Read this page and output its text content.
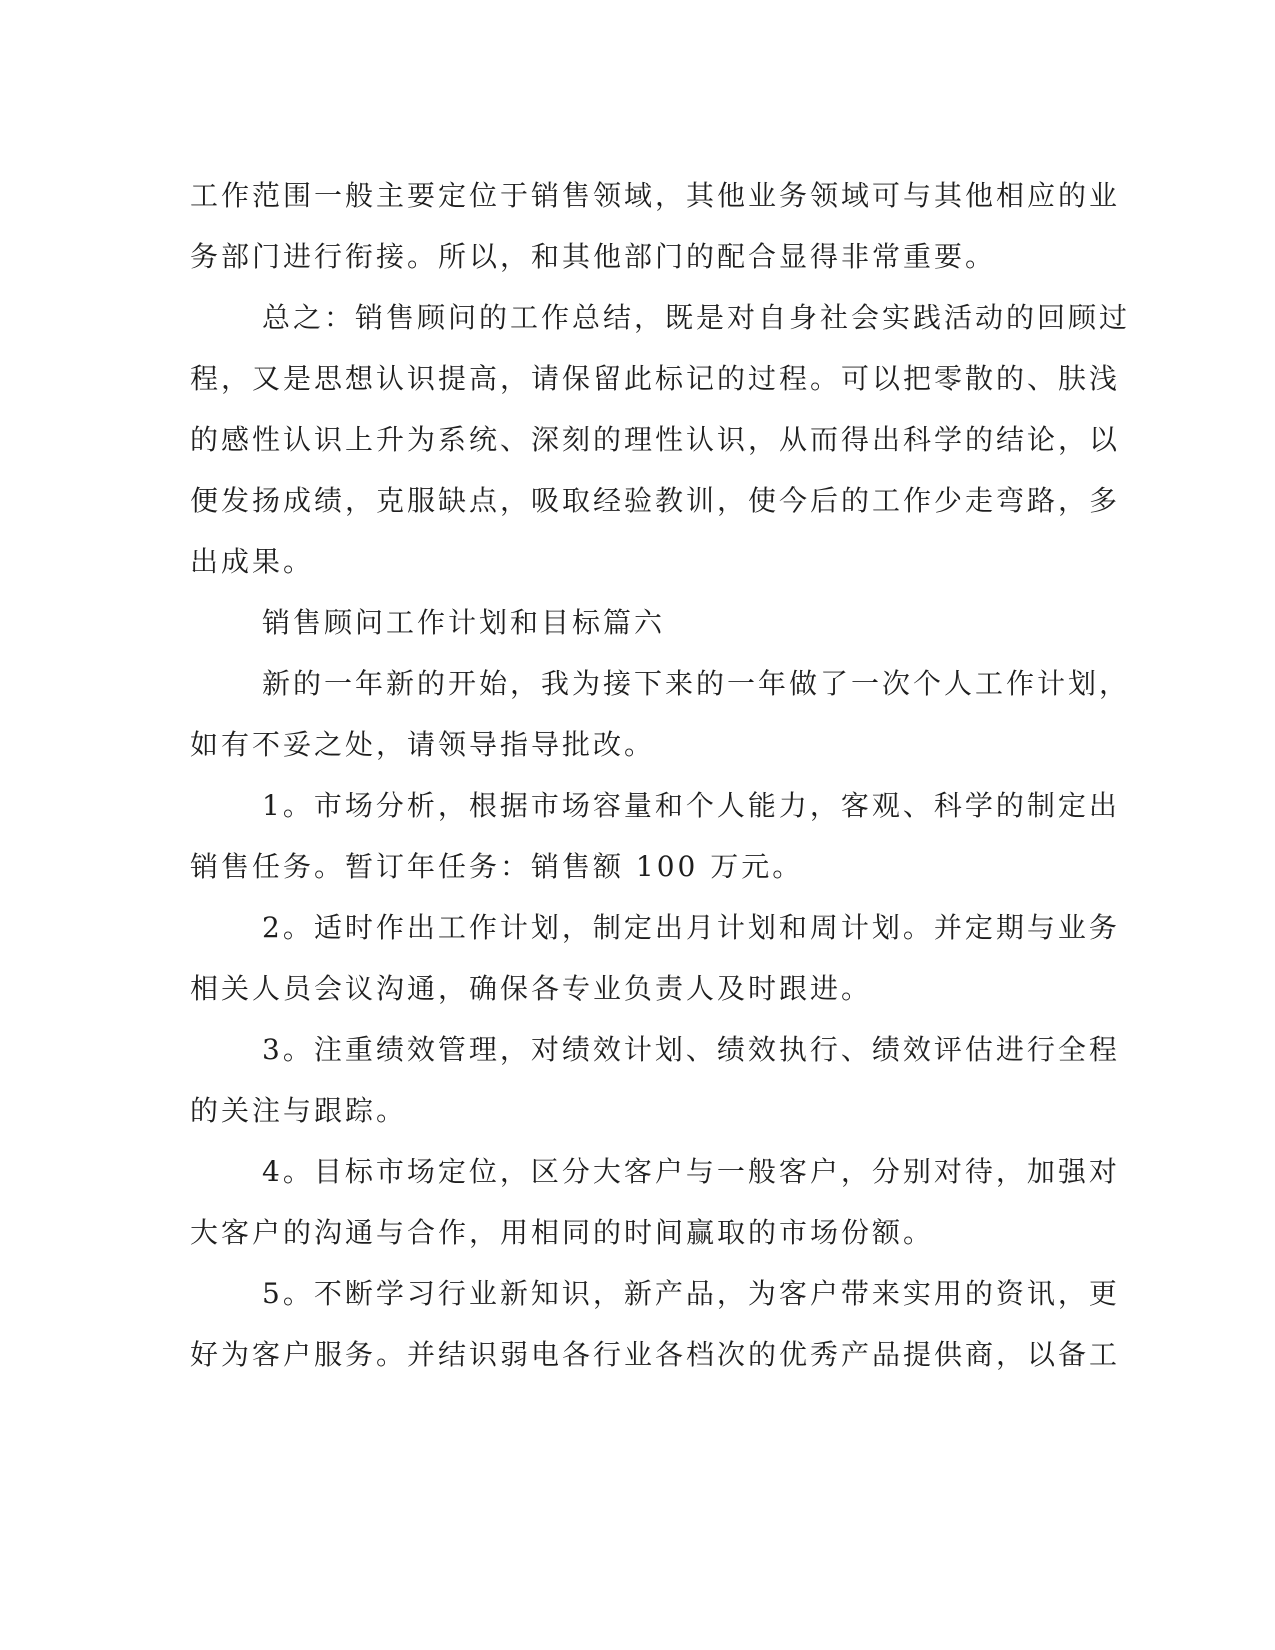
工作范围一般主要定位于销售领域，其他业务领域可与其他相应的业
务部门进行衔接。所以，和其他部门的配合显得非常重要。

总之：销售顾问的工作总结，既是对自身社会实践活动的回顾过
程，又是思想认识提高，请保留此标记的过程。可以把零散的、肤浅
的感性认识上升为系统、深刻的理性认识，从而得出科学的结论，以
便发扬成绩，克服缺点，吸取经验教训，使今后的工作少走弯路，多
出成果。

销售顾问工作计划和目标篇六

新的一年新的开始，我为接下来的一年做了一次个人工作计划，
如有不妥之处，请领导指导批改。

1。市场分析，根据市场容量和个人能力，客观、科学的制定出
销售任务。暂订年任务：销售额 100 万元。

2。适时作出工作计划，制定出月计划和周计划。并定期与业务
相关人员会议沟通，确保各专业负责人及时跟进。

3。注重绩效管理，对绩效计划、绩效执行、绩效评估进行全程
的关注与跟踪。

4。目标市场定位，区分大客户与一般客户，分别对待，加强对
大客户的沟通与合作，用相同的时间赢取的市场份额。

5。不断学习行业新知识，新产品，为客户带来实用的资讯，更
好为客户服务。并结识弱电各行业各档次的优秀产品提供商，以备工
